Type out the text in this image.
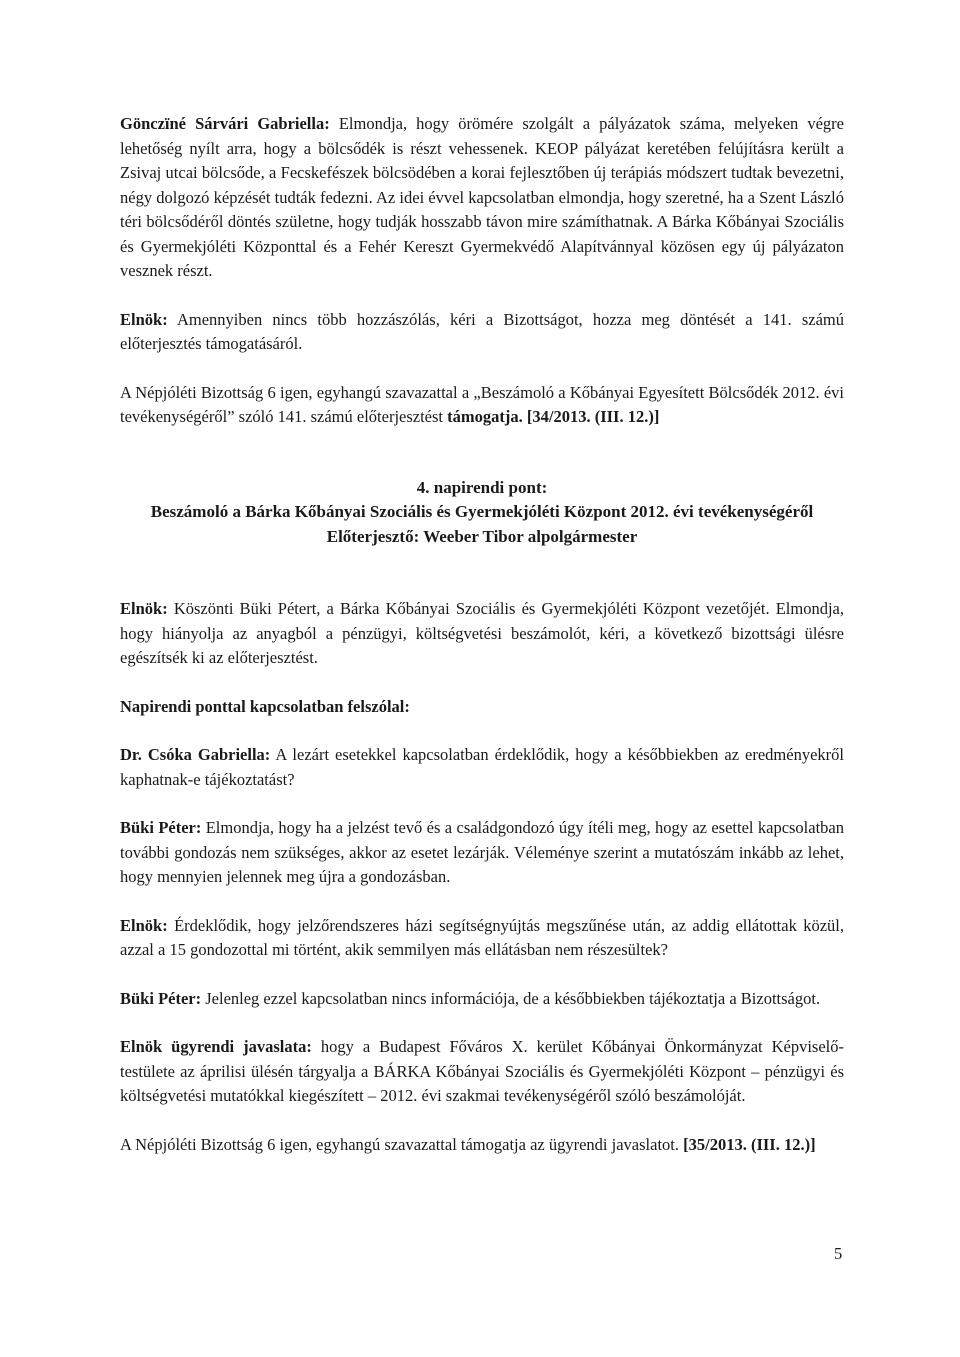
Gönczïné Sárvári Gabriella: Elmondja, hogy örömére szolgált a pályázatok száma, melyeken végre lehetőség nyílt arra, hogy a bölcsődék is részt vehessenek. KEOP pályázat keretében felújításra került a Zsivaj utcai bölcsőde, a Fecskefészek bölcsödében a korai fejlesztőben új terápiás módszert tudtak bevezetni, négy dolgozó képzését tudták fedezni. Az idei évvel kapcsolatban elmondja, hogy szeretné, ha a Szent László téri bölcsődéről döntés születne, hogy tudják hosszabb távon mire számíthatnak. A Bárka Kőbányai Szociális és Gyermekjóléti Központtal és a Fehér Kereszt Gyermekvédő Alapítvánnyal közösen egy új pályázaton vesznek részt.

Elnök: Amennyiben nincs több hozzászólás, kéri a Bizottságot, hozza meg döntését a 141. számú előterjesztés támogatásáról.

A Népjóléti Bizottság 6 igen, egyhangú szavazattal a „Beszámoló a Kőbányai Egyesített Bölcsődék 2012. évi tevékenységéről” szóló 141. számú előterjesztést támogatja. [34/2013. (III. 12.)]

4. napirendi pont:
Beszámoló a Bárka Kőbányai Szociális és Gyermekjóléti Központ 2012. évi tevékenységéről
Előterjesztő: Weeber Tibor alpolgármester

Elnök: Köszönti Büki Pétert, a Bárka Kőbányai Szociális és Gyermekjóléti Központ vezetőjét. Elmondja, hogy hiányolja az anyagból a pénzügyi, költségvetési beszámolót, kéri, a következő bizottsági ülésre egészítsék ki az előterjesztést.

Napirendi ponttal kapcsolatban felszólal:

Dr. Csóka Gabriella: A lezárt esetekkel kapcsolatban érdeklődik, hogy a későbbiekben az eredményekről kaphatnak-e tájékoztatást?

Büki Péter: Elmondja, hogy ha a jelzést tevő és a családgondozó úgy ítéli meg, hogy az esettel kapcsolatban további gondozás nem szükséges, akkor az esetet lezárják. Véleménye szerint a mutatószám inkább az lehet, hogy mennyien jelennek meg újra a gondozásban.

Elnök: Érdeklődik, hogy jelzőrendszeres házi segítségnyújtás megszűnése után, az addig ellátottak közül, azzal a 15 gondozottal mi történt, akik semmilyen más ellátásban nem részesültek?

Büki Péter: Jelenleg ezzel kapcsolatban nincs információja, de a későbbiekben tájékoztatja a Bizottságot.

Elnök ügyrendi javaslata: hogy a Budapest Főváros X. kerület Kőbányai Önkormányzat Képviselő-testülete az áprilisi ülésén tárgyalja a BÁRKA Kőbányai Szociális és Gyermekjóléti Központ – pénzügyi és költségvetési mutatókkal kiegészített – 2012. évi szakmai tevékenységéről szóló beszámolóját.

A Népjóléti Bizottság 6 igen, egyhangú szavazattal támogatja az ügyrendi javaslatot. [35/2013. (III. 12.)]

5
